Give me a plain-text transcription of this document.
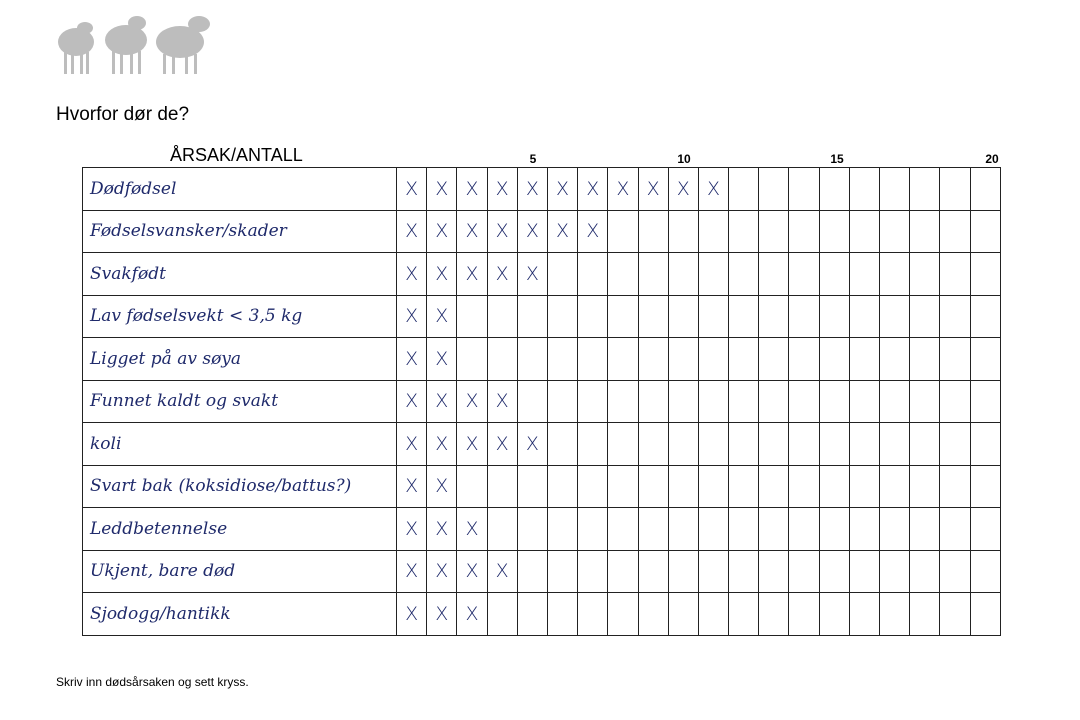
Hvorfor dør de?
ÅRSAK/ANTALL	5	10	15	20
Dødfødsel	X	X	X	X	X	X	X	X	X	X	X									
Fødselsvansker/skader	X	X	X	X	X	X	X													
Svakfødt	X	X	X	X	X															
Lav fødselsvekt < 3,5 kg	X	X																		
Ligget på av søya	X	X																		
Funnet kaldt og svakt	X	X	X	X																
koli	X	X	X	X	X															
Svart bak (koksidiose/battus?)	X	X																		
Leddbetennelse	X	X	X																	
Ukjent, bare død	X	X	X	X																
Sjodogg/hantikk	X	X	X																	
Skriv inn dødsårsaken og sett kryss.
